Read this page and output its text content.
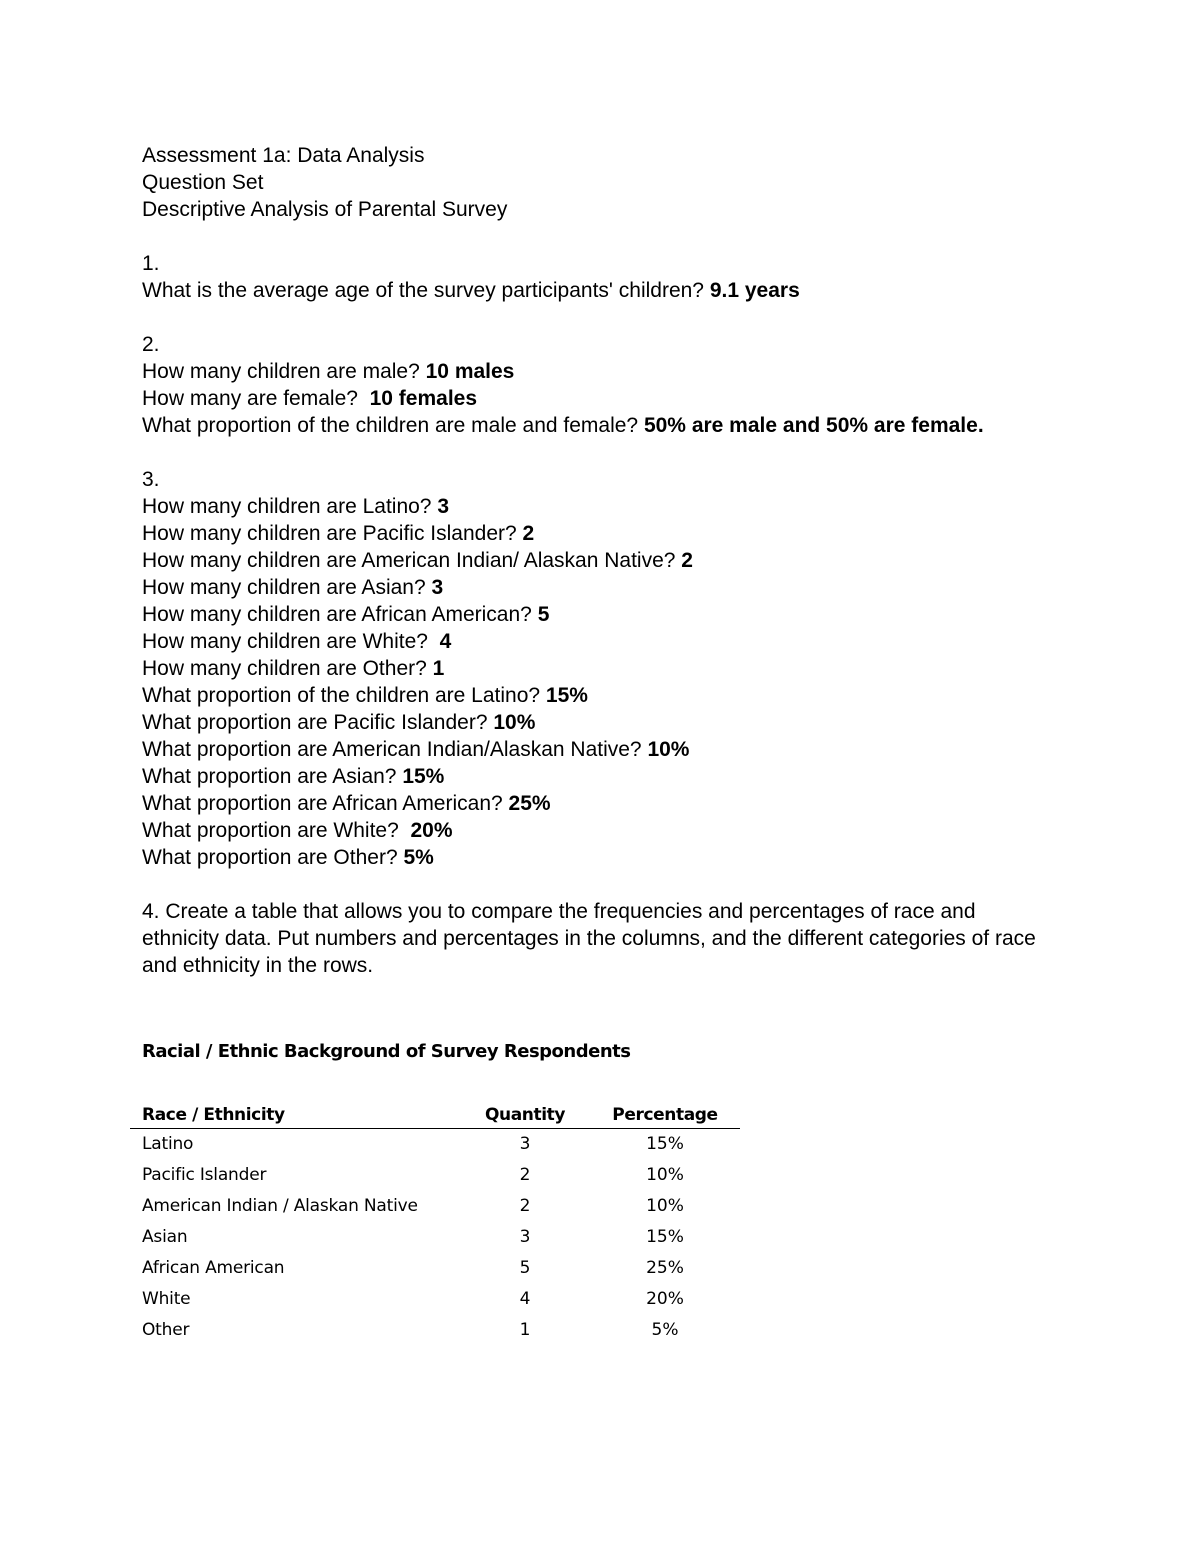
Assessment 1a: Data Analysis
Question Set
Descriptive Analysis of Parental Survey
1.
What is the average age of the survey participants' children? 9.1 years
2.
How many children are male? 10 males
How many are female?  10 females
What proportion of the children are male and female? 50% are male and 50% are female.
3.
How many children are Latino? 3
How many children are Pacific Islander? 2
How many children are American Indian/ Alaskan Native? 2
How many children are Asian? 3
How many children are African American? 5
How many children are White?  4
How many children are Other? 1
What proportion of the children are Latino? 15%
What proportion are Pacific Islander? 10%
What proportion are American Indian/Alaskan Native? 10%
What proportion are Asian? 15%
What proportion are African American? 25%
What proportion are White?  20%
What proportion are Other? 5%
4. Create a table that allows you to compare the frequencies and percentages of race and ethnicity data. Put numbers and percentages in the columns, and the different categories of race and ethnicity in the rows.
Racial / Ethnic Background of Survey Respondents
Race / Ethnicity	Quantity	Percentage
Latino	3	15%
Pacific Islander	2	10%
American Indian / Alaskan Native	2	10%
Asian	3	15%
African American	5	25%
White	4	20%
Other	1	5%
